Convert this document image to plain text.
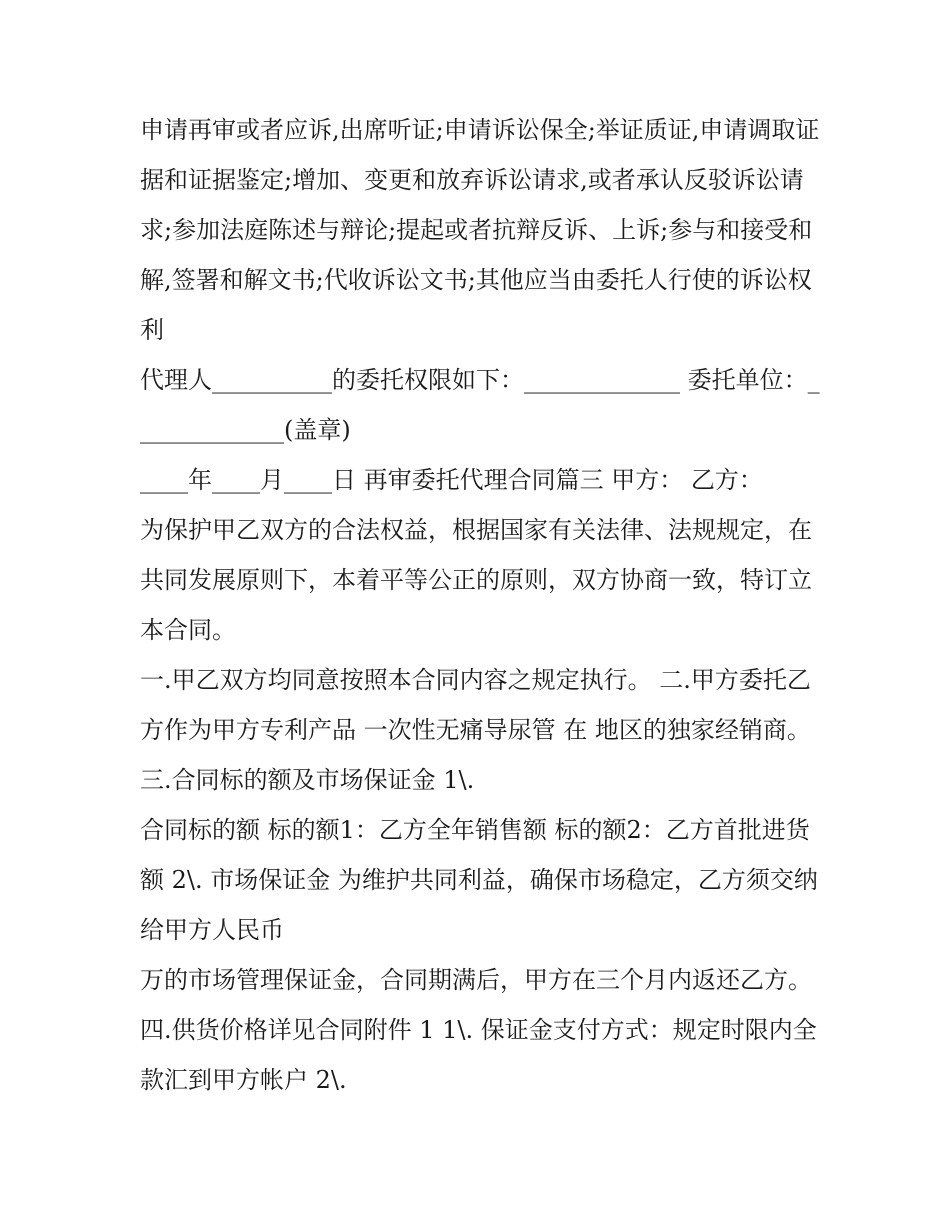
申请再审或者应诉,出席听证;申请诉讼保全;举证质证,申请调取证据和证据鉴定;增加、变更和放弃诉讼请求,或者承认反驳诉讼请求;参加法庭陈述与辩论;提起或者抗辩反诉、上诉;参与和接受和解,签署和解文书;代收诉讼文书;其他应当由委托人行使的诉讼权利

代理人__________的委托权限如下：_____________ 委托单位：_____________(盖章)

____年____月____日 再审委托代理合同篇三 甲方： 乙方：

为保护甲乙双方的合法权益，根据国家有关法律、法规规定，在共同发展原则下，本着平等公正的原则，双方协商一致，特订立本合同。

一.甲乙双方均同意按照本合同内容之规定执行。 二.甲方委托乙方作为甲方专利产品 一次性无痛导尿管 在 地区的独家经销商。 三.合同标的额及市场保证金 1\.

合同标的额 标的额1：乙方全年销售额 标的额2：乙方首批进货额 2\. 市场保证金 为维护共同利益，确保市场稳定，乙方须交纳给甲方人民币

万的市场管理保证金，合同期满后，甲方在三个月内返还乙方。 四.供货价格详见合同附件 1 1\. 保证金支付方式：规定时限内全款汇到甲方帐户 2\.
